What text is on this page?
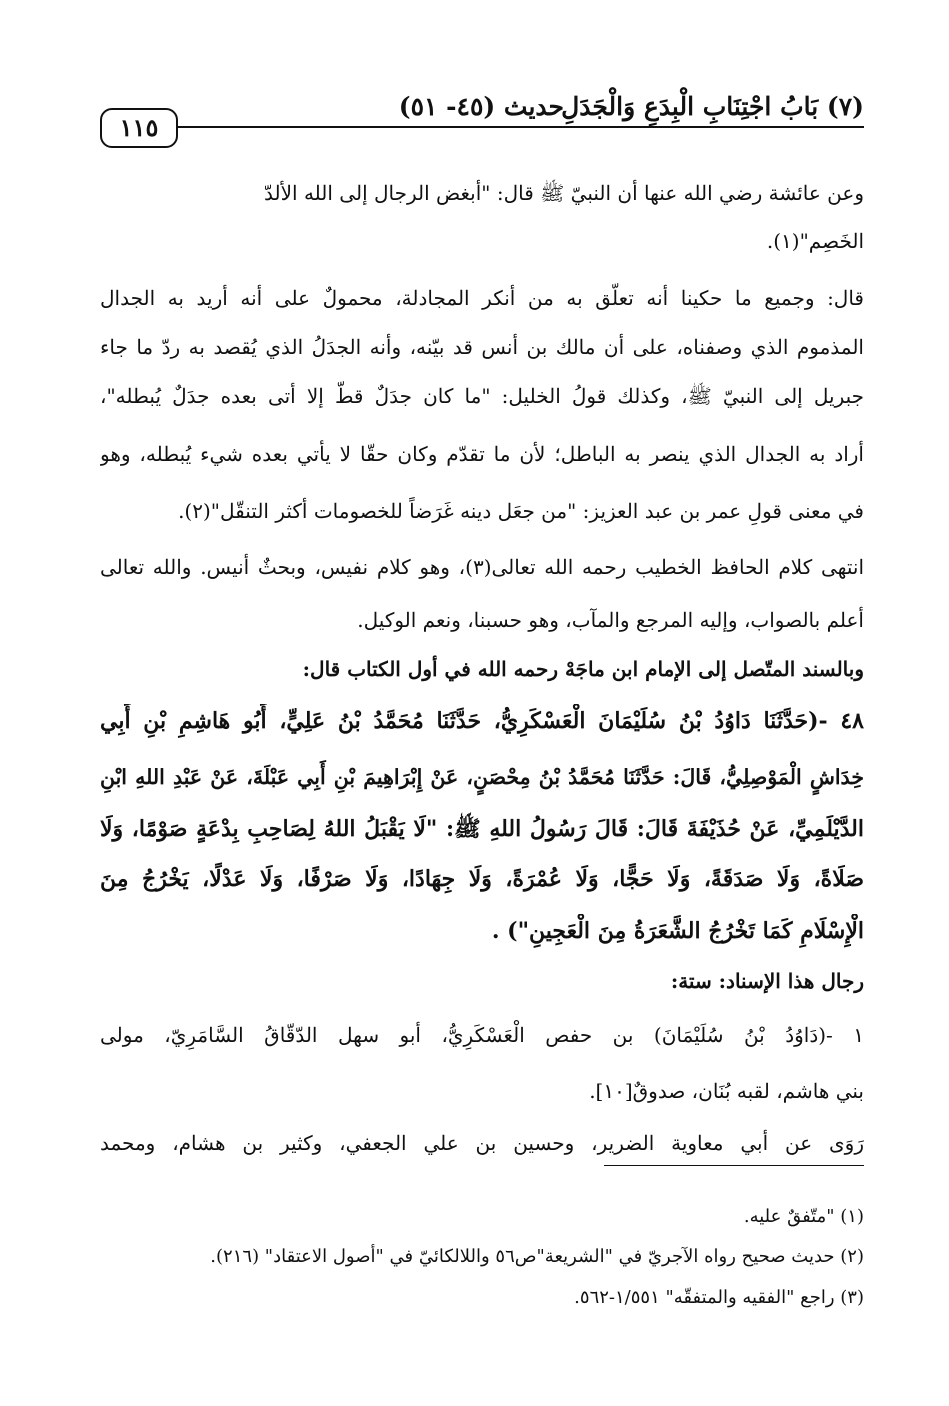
(٧) بَابُ اجْتِنَابِ الْبِدَعِ وَالْجَدَلِ
حديث (٤٥- ٥١)
١١٥
وعن عائشة رضي الله عنها أن النبيّ ﷺ قال: "أبغض الرجال إلى الله الألدّ
الخَصِم"(١).
قال: وجميع ما حكينا أنه تعلّق به من أنكر المجادلة، محمولٌ على أنه أريد به الجدال
المذموم الذي وصفناه، على أن مالك بن أنس قد بيّنه، وأنه الجدَلُ الذي يُقصد به ردّ ما جاء
جبريل إلى النبيّ ﷺ، وكذلك قولُ الخليل: "ما كان جدَلٌ قطّ إلا أتى بعده جدَلٌ يُبطله"،
أراد به الجدال الذي ينصر به الباطل؛ لأن ما تقدّم وكان حقّا لا يأتي بعده شيء يُبطله، وهو
في معنى قولِ عمر بن عبد العزيز: "من جعَل دينه غَرَضاً للخصومات أكثر التنقّل"(٢).
انتهى كلام الحافظ الخطيب رحمه الله تعالى(٣)، وهو كلام نفيس، وبحثٌ أنيس. والله تعالى
أعلم بالصواب، وإليه المرجع والمآب، وهو حسبنا، ونعم الوكيل.
وبالسند المتّصل إلى الإمام ابن ماجَهْ رحمه الله في أول الكتاب قال:
٤٨ -(حَدَّثَنَا دَاوُدُ بْنُ سُلَيْمَانَ الْعَسْكَرِيُّ، حَدَّثَنَا مُحَمَّدُ بْنُ عَلِيٍّ، أَبُو هَاشِمِ بْنِ أَبِي
خِدَاشٍ الْمَوْصِلِيُّ، قَالَ: حَدَّثَنَا مُحَمَّدُ بْنُ مِحْصَنٍ، عَنْ إِبْرَاهِيمَ بْنِ أَبِي عَبْلَةَ، عَنْ عَبْدِ اللهِ ابْنِ
الدَّيْلَمِيِّ، عَنْ حُذَيْفَةَ قَالَ: قَالَ رَسُولُ اللهِ ﷺ: "لَا يَقْبَلُ اللهُ لِصَاحِبِ بِدْعَةٍ صَوْمًا، وَلَا
صَلَاةً، وَلَا صَدَقَةً، وَلَا حَجًّا، وَلَا عُمْرَةً، وَلَا جِهَادًا، وَلَا صَرْفًا، وَلَا عَدْلًا، يَخْرُجُ مِنَ
الْإِسْلَامِ كَمَا تَخْرُجُ الشَّعَرَةُ مِنَ الْعَجِينِ") .
رجال هذا الإسناد: ستة:
١ -(دَاوُدُ بْنُ سُلَيْمَانَ) بن حفص الْعَسْكَرِيُّ، أبو سهل الدّقّاقُ السَّامَرِيّ، مولى
بني هاشم، لقبه بُنَان، صدوقٌ[١٠].
رَوَى عن أبي معاوية الضرير، وحسين بن علي الجعفي، وكثير بن هشام، ومحمد
(١) "متّفقٌ عليه.
(٢) حديث صحيح رواه الآجريّ في "الشريعة"ص٥٦ واللالكائيّ في "أصول الاعتقاد" (٢١٦).
(٣) راجع "الفقيه والمتفقّه" ١/٥٥١-٥٦٢.
